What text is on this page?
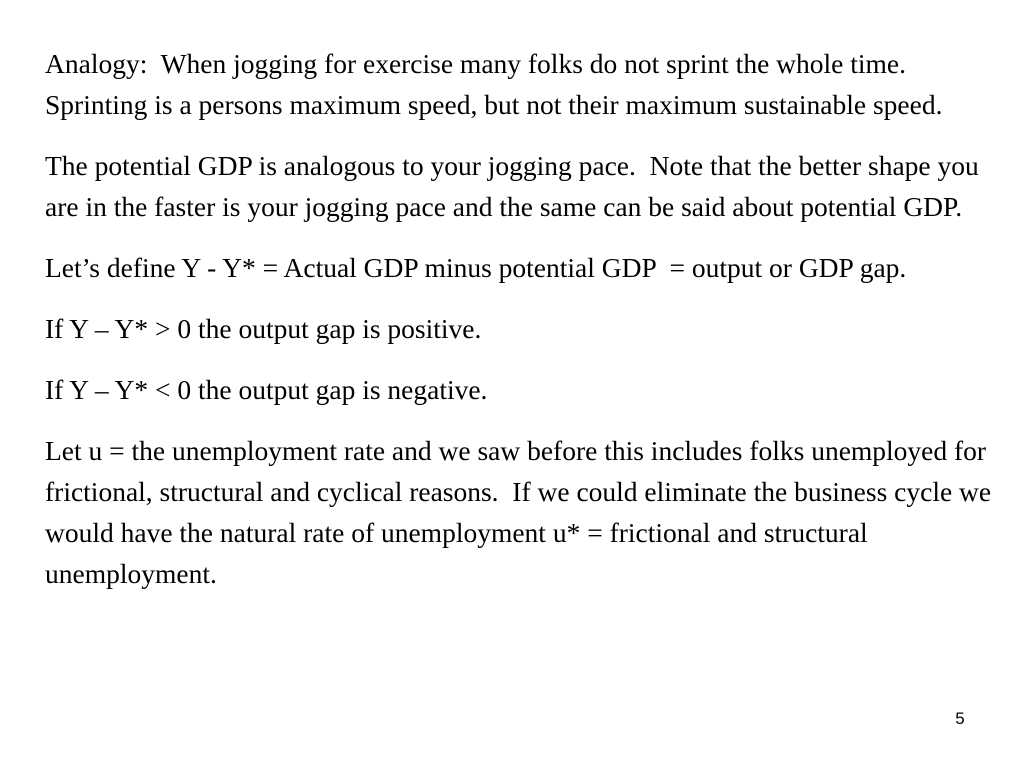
Analogy:  When jogging for exercise many folks do not sprint the whole time.  Sprinting is a persons maximum speed, but not their maximum sustainable speed.

The potential GDP is analogous to your jogging pace.  Note that the better shape you are in the faster is your jogging pace and the same can be said about potential GDP.

Let’s define Y - Y* = Actual GDP minus potential GDP  = output or GDP gap.

If Y – Y* > 0 the output gap is positive.

If Y – Y* < 0 the output gap is negative.

Let u = the unemployment rate and we saw before this includes folks unemployed for frictional, structural and cyclical reasons.  If we could eliminate the business cycle we would have the natural rate of unemployment u* = frictional and structural unemployment.

5
